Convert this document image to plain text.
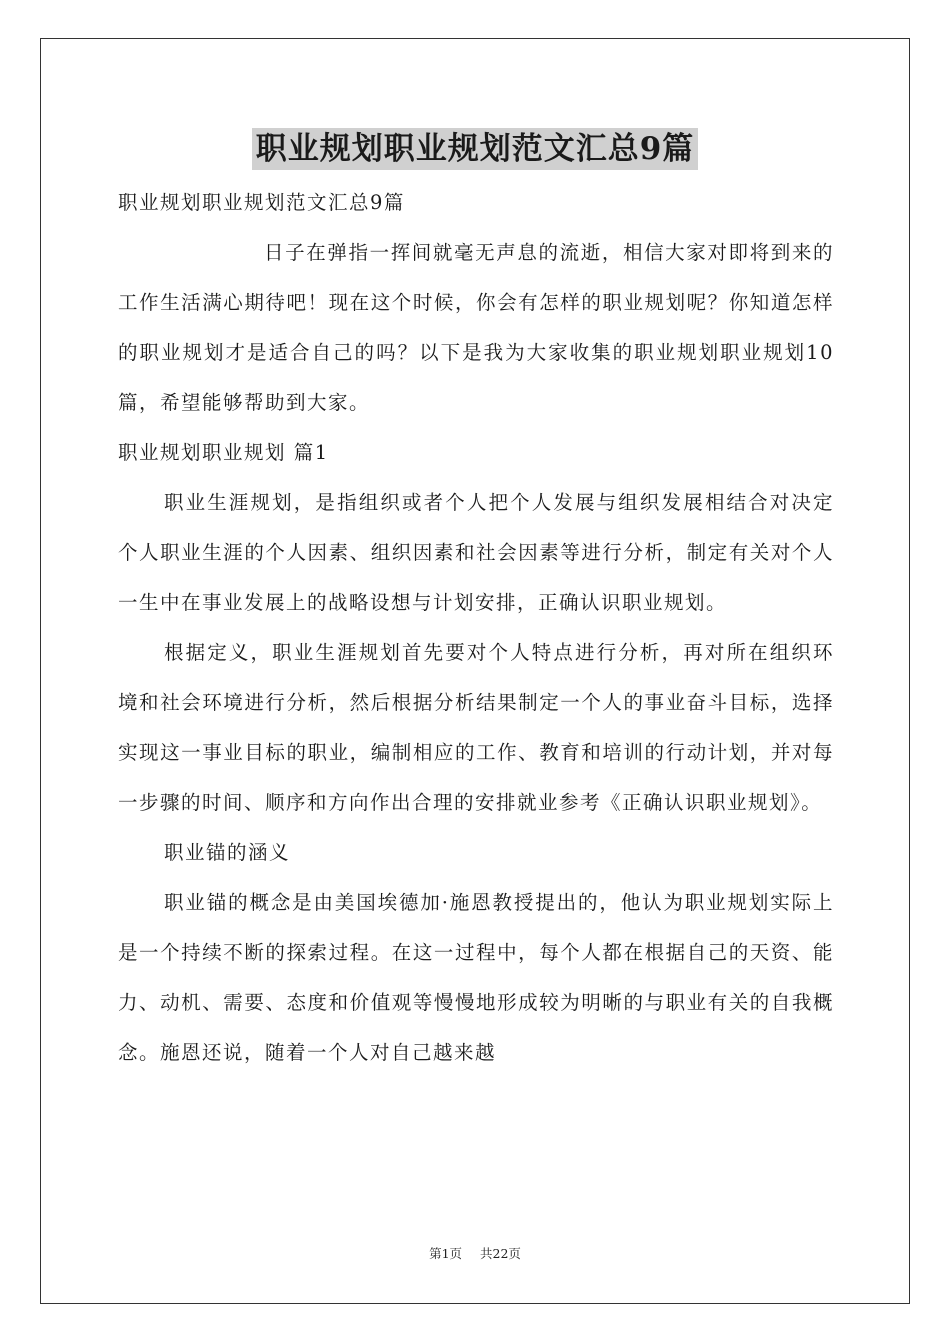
职业规划职业规划范文汇总9篇

职业规划职业规划范文汇总9篇

日子在弹指一挥间就毫无声息的流逝，相信大家对即将到来的工作生活满心期待吧！现在这个时候，你会有怎样的职业规划呢？你知道怎样的职业规划才是适合自己的吗？以下是我为大家收集的职业规划职业规划10篇，希望能够帮助到大家。

职业规划职业规划 篇1

职业生涯规划，是指组织或者个人把个人发展与组织发展相结合对决定个人职业生涯的个人因素、组织因素和社会因素等进行分析，制定有关对个人一生中在事业发展上的战略设想与计划安排，正确认识职业规划。

根据定义，职业生涯规划首先要对个人特点进行分析，再对所在组织环境和社会环境进行分析，然后根据分析结果制定一个人的事业奋斗目标，选择实现这一事业目标的职业，编制相应的工作、教育和培训的行动计划，并对每一步骤的时间、顺序和方向作出合理的安排就业参考《正确认识职业规划》。

职业锚的涵义

职业锚的概念是由美国埃德加·施恩教授提出的，他认为职业规划实际上是一个持续不断的探索过程。在这一过程中，每个人都在根据自己的天资、能力、动机、需要、态度和价值观等慢慢地形成较为明晰的与职业有关的自我概念。施恩还说，随着一个人对自己越来越

第1页 共22页
